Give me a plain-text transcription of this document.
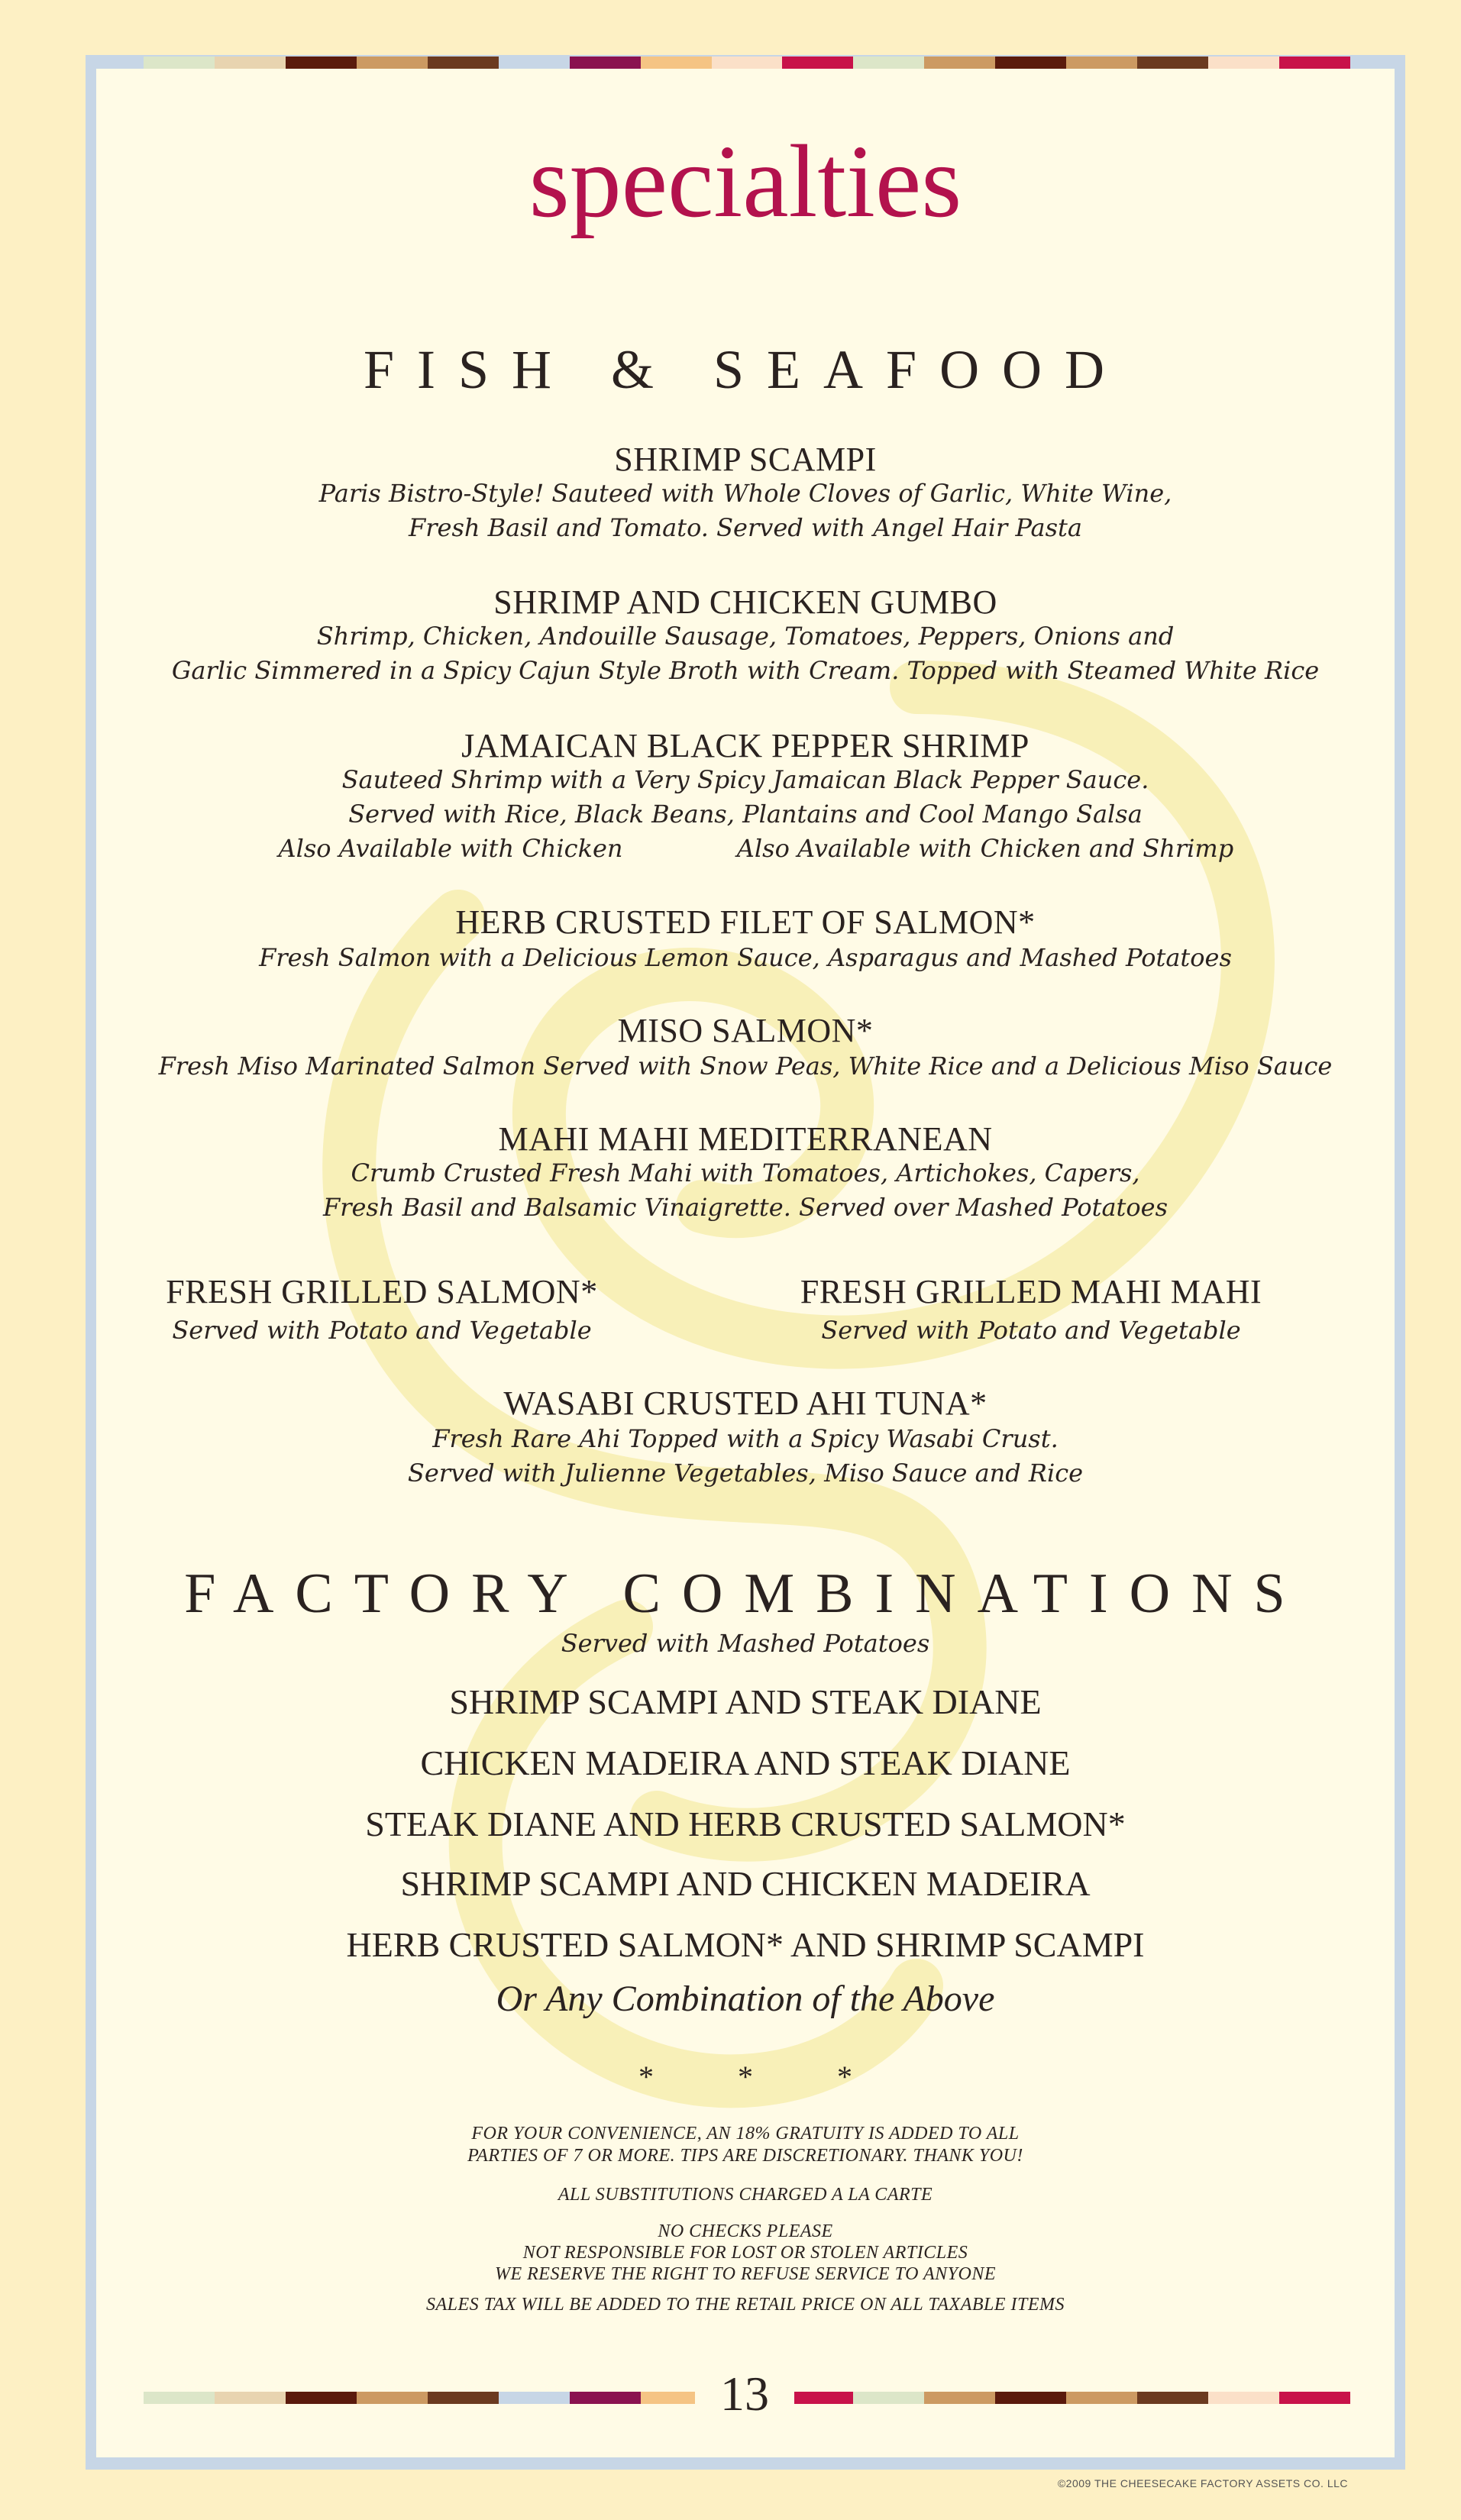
specialties
FISH & SEAFOOD
SHRIMP SCAMPI
Paris Bistro-Style! Sauteed with Whole Cloves of Garlic, White Wine,
Fresh Basil and Tomato. Served with Angel Hair Pasta
SHRIMP AND CHICKEN GUMBO
Shrimp, Chicken, Andouille Sausage, Tomatoes, Peppers, Onions and
Garlic Simmered in a Spicy Cajun Style Broth with Cream. Topped with Steamed White Rice
JAMAICAN BLACK PEPPER SHRIMP
Sauteed Shrimp with a Very Spicy Jamaican Black Pepper Sauce.
Served with Rice, Black Beans, Plantains and Cool Mango Salsa
Also Available with Chicken	Also Available with Chicken and Shrimp
HERB CRUSTED FILET OF SALMON*
Fresh Salmon with a Delicious Lemon Sauce, Asparagus and Mashed Potatoes
MISO SALMON*
Fresh Miso Marinated Salmon Served with Snow Peas, White Rice and a Delicious Miso Sauce
MAHI MAHI MEDITERRANEAN
Crumb Crusted Fresh Mahi with Tomatoes, Artichokes, Capers,
Fresh Basil and Balsamic Vinaigrette. Served over Mashed Potatoes
FRESH GRILLED SALMON*
Served with Potato and Vegetable
FRESH GRILLED MAHI MAHI
Served with Potato and Vegetable
WASABI CRUSTED AHI TUNA*
Fresh Rare Ahi Topped with a Spicy Wasabi Crust.
Served with Julienne Vegetables, Miso Sauce and Rice
FACTORY COMBINATIONS
Served with Mashed Potatoes
SHRIMP SCAMPI AND STEAK DIANE
CHICKEN MADEIRA AND STEAK DIANE
STEAK DIANE AND HERB CRUSTED SALMON*
SHRIMP SCAMPI AND CHICKEN MADEIRA
HERB CRUSTED SALMON* AND SHRIMP SCAMPI
Or Any Combination of the Above
* * *
FOR YOUR CONVENIENCE, AN 18% GRATUITY IS ADDED TO ALL
PARTIES OF 7 OR MORE. TIPS ARE DISCRETIONARY. THANK YOU!
ALL SUBSTITUTIONS CHARGED A LA CARTE
NO CHECKS PLEASE
NOT RESPONSIBLE FOR LOST OR STOLEN ARTICLES
WE RESERVE THE RIGHT TO REFUSE SERVICE TO ANYONE
SALES TAX WILL BE ADDED TO THE RETAIL PRICE ON ALL TAXABLE ITEMS
13
©2009 THE CHEESECAKE FACTORY ASSETS CO. LLC
